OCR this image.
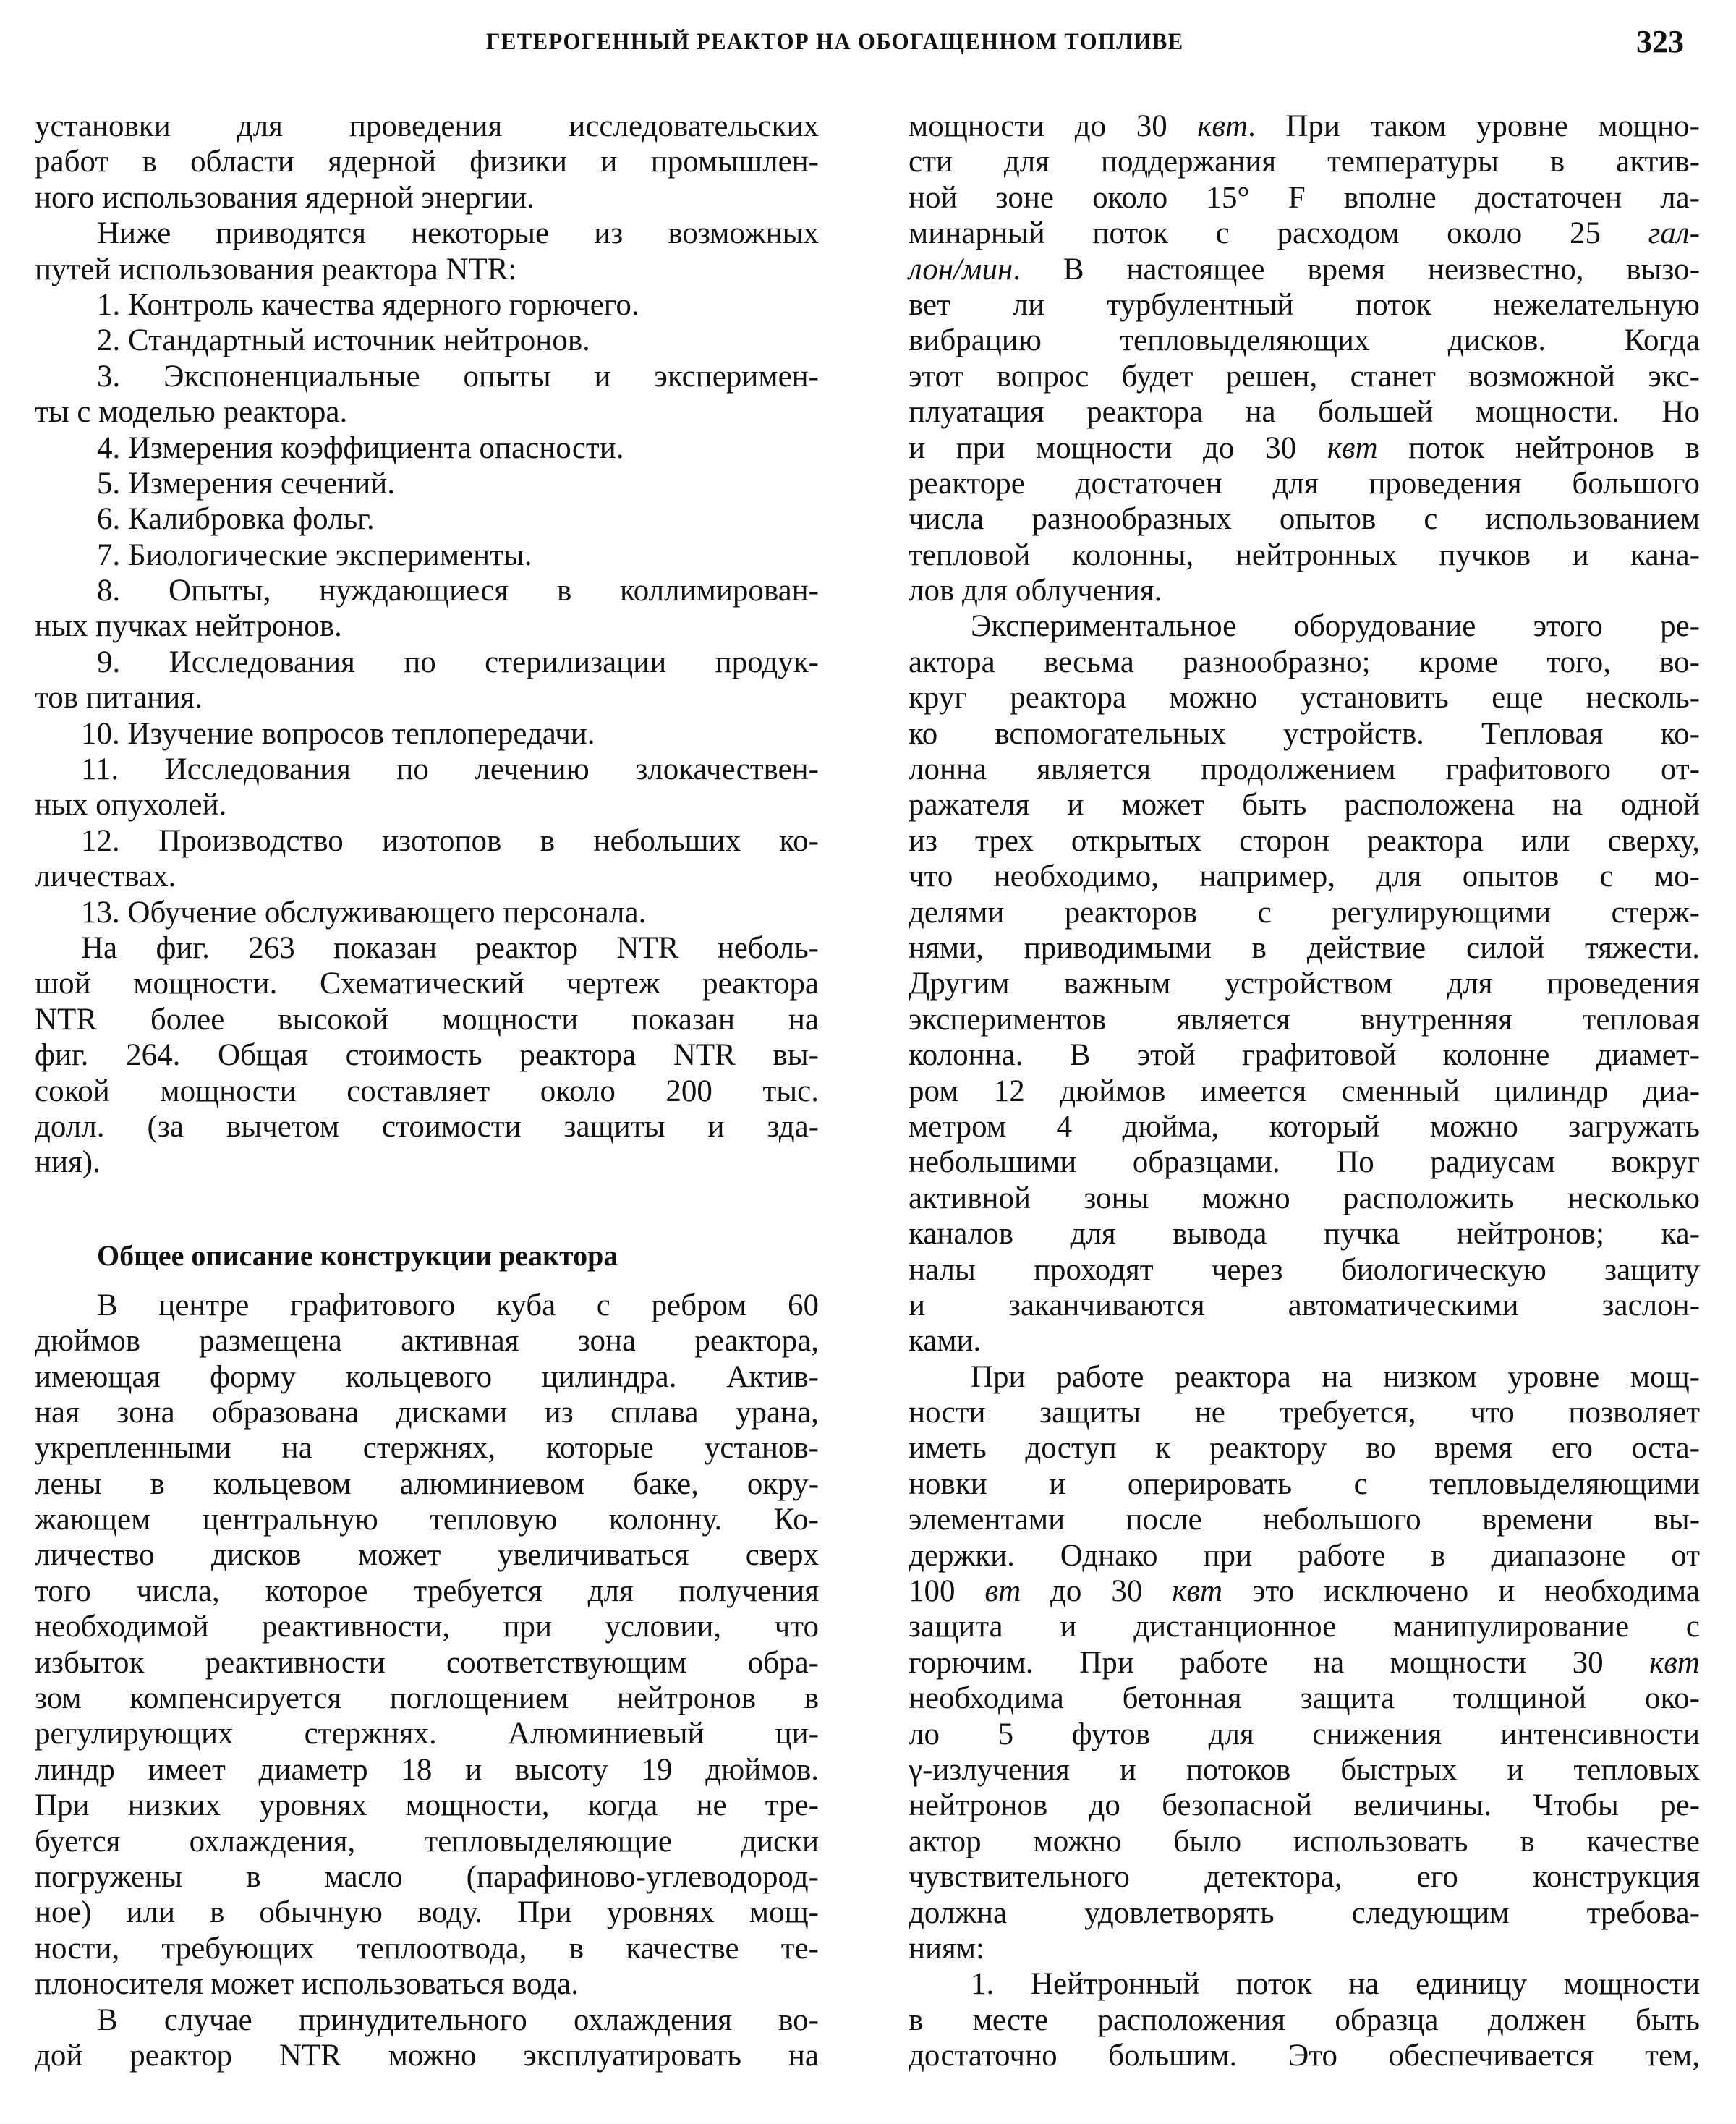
ГЕТЕРОГЕННЫЙ РЕАКТОР НА ОБОГАЩЕННОМ ТОПЛИВЕ	323
установки для проведения исследовательских
работ в области ядерной физики и промышлен-
ного использования ядерной энергии.
Ниже приводятся некоторые из возможных
путей использования реактора NTR:
1. Контроль качества ядерного горючего.
2. Стандартный источник нейтронов.
3. Экспоненциальные опыты и эксперимен-
ты с моделью реактора.
4. Измерения коэффициента опасности.
5. Измерения сечений.
6. Калибровка фольг.
7. Биологические эксперименты.
8. Опыты, нуждающиеся в коллимирован-
ных пучках нейтронов.
9. Исследования по стерилизации продук-
тов питания.
10. Изучение вопросов теплопередачи.
11. Исследования по лечению злокачествен-
ных опухолей.
12. Производство изотопов в небольших ко-
личествах.
13. Обучение обслуживающего персонала.
На фиг. 263 показан реактор NTR неболь-
шой мощности. Схематический чертеж реактора
NTR более высокой мощности показан на
фиг. 264. Общая стоимость реактора NTR вы-
сокой мощности составляет около 200 тыс.
долл. (за вычетом стоимости защиты и зда-
ния).
Общее описание конструкции реактора
В центре графитового куба с ребром 60
дюймов размещена активная зона реактора,
имеющая форму кольцевого цилиндра. Актив-
ная зона образована дисками из сплава урана,
укрепленными на стержнях, которые установ-
лены в кольцевом алюминиевом баке, окру-
жающем центральную тепловую колонну. Ко-
личество дисков может увеличиваться сверх
того числа, которое требуется для получения
необходимой реактивности, при условии, что
избыток реактивности соответствующим обра-
зом компенсируется поглощением нейтронов в
регулирующих стержнях. Алюминиевый ци-
линдр имеет диаметр 18 и высоту 19 дюймов.
При низких уровнях мощности, когда не тре-
буется охлаждения, тепловыделяющие диски
погружены в масло (парафиново-углеводород-
ное) или в обычную воду. При уровнях мощ-
ности, требующих теплоотвода, в качестве те-
плоносителя может использоваться вода.
В случае принудительного охлаждения во-
дой реактор NTR можно эксплуатировать на
мощности до 30 квт. При таком уровне мощно-
сти для поддержания температуры в актив-
ной зоне около 15° F вполне достаточен ла-
минарный поток с расходом около 25 гал-
лон/мин. В настоящее время неизвестно, вызо-
вет ли турбулентный поток нежелательную
вибрацию тепловыделяющих дисков. Когда
этот вопрос будет решен, станет возможной экс-
плуатация реактора на большей мощности. Но
и при мощности до 30 квт поток нейтронов в
реакторе достаточен для проведения большого
числа разнообразных опытов с использованием
тепловой колонны, нейтронных пучков и кана-
лов для облучения.
Экспериментальное оборудование этого ре-
актора весьма разнообразно; кроме того, во-
круг реактора можно установить еще несколь-
ко вспомогательных устройств. Тепловая ко-
лонна является продолжением графитового от-
ражателя и может быть расположена на одной
из трех открытых сторон реактора или сверху,
что необходимо, например, для опытов с мо-
делями реакторов с регулирующими стерж-
нями, приводимыми в действие силой тяжести.
Другим важным устройством для проведения
экспериментов является внутренняя тепловая
колонна. В этой графитовой колонне диамет-
ром 12 дюймов имеется сменный цилиндр диа-
метром 4 дюйма, который можно загружать
небольшими образцами. По радиусам вокруг
активной зоны можно расположить несколько
каналов для вывода пучка нейтронов; ка-
налы проходят через биологическую защиту
и заканчиваются автоматическими заслон-
ками.
При работе реактора на низком уровне мощ-
ности защиты не требуется, что позволяет
иметь доступ к реактору во время его оста-
новки и оперировать с тепловыделяющими
элементами после небольшого времени вы-
держки. Однако при работе в диапазоне от
100 вт до 30 квт это исключено и необходима
защита и дистанционное манипулирование с
горючим. При работе на мощности 30 квт
необходима бетонная защита толщиной око-
ло 5 футов для снижения интенсивности
γ-излучения и потоков быстрых и тепловых
нейтронов до безопасной величины. Чтобы ре-
актор можно было использовать в качестве
чувствительного детектора, его конструкция
должна удовлетворять следующим требова-
ниям:
1. Нейтронный поток на единицу мощности
в месте расположения образца должен быть
достаточно большим. Это обеспечивается тем,
